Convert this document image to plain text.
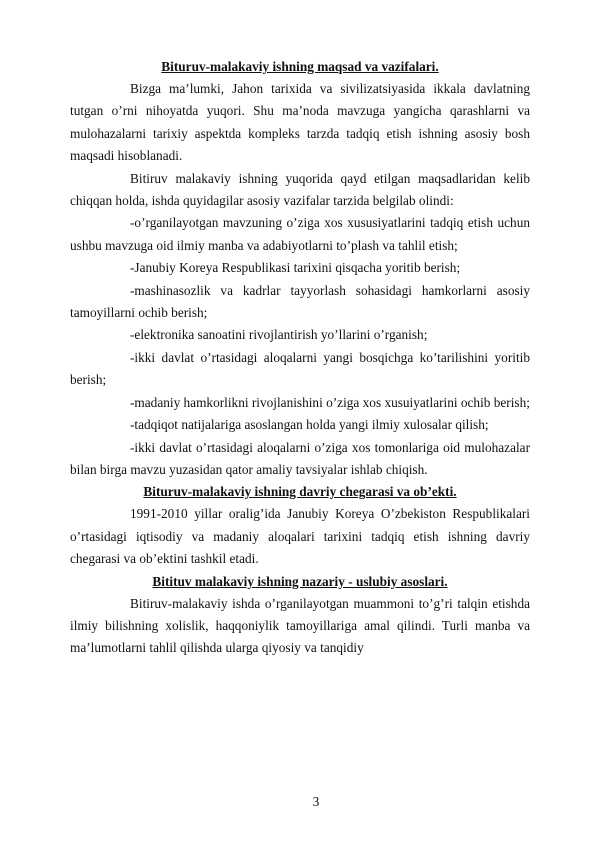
Bituruv-malakaviy ishning maqsad va vazifalari.

Bizga ma’lumki, Jahon tarixida va sivilizatsiyasida ikkala davlatning tutgan o’rni nihoyatda yuqori. Shu ma’noda mavzuga yangicha qarashlarni va mulohazalarni tarixiy aspektda kompleks tarzda tadqiq etish ishning asosiy bosh maqsadi hisoblanadi.

Bitiruv malakaviy ishning yuqorida qayd etilgan maqsadlaridan kelib chiqqan holda, ishda quyidagilar asosiy vazifalar tarzida belgilab olindi:

-o’rganilayotgan mavzuning o’ziga xos xususiyatlarini tadqiq etish uchun ushbu mavzuga oid ilmiy manba va adabiyotlarni to’plash va tahlil etish;

-Janubiy Koreya Respublikasi tarixini qisqacha yoritib berish;

-mashinasozlik va kadrlar tayyorlash sohasidagi hamkorlarni asosiy tamoyillarni ochib berish;

-elektronika sanoatini rivojlantirish yo’llarini o’rganish;

-ikki davlat o’rtasidagi aloqalarni yangi bosqichga ko’tarilishini yoritib berish;

-madaniy hamkorlikni rivojlanishini o’ziga xos xusuiyatlarini ochib berish;

-tadqiqot natijalariga asoslangan holda yangi ilmiy xulosalar qilish;

-ikki davlat o’rtasidagi aloqalarni o’ziga xos tomonlariga oid mulohazalar bilan birga mavzu yuzasidan qator amaliy tavsiyalar ishlab chiqish.

Bituruv-malakaviy ishning davriy chegarasi va ob’ekti.

1991-2010 yillar oralig’ida Janubiy Koreya O’zbekiston Respublikalari o’rtasidagi iqtisodiy va madaniy aloqalari tarixini tadqiq etish ishning davriy chegarasi va ob’ektini tashkil etadi.

Bitituv malakaviy ishning nazariy - uslubiy asoslari.

Bitiruv-malakaviy ishda o’rganilayotgan muammoni to’g’ri talqin etishda ilmiy bilishning xolislik, haqqoniylik tamoyillariga amal qilindi. Turli manba va ma’lumotlarni tahlil qilishda ularga qiyosiy va tanqidiy

3
